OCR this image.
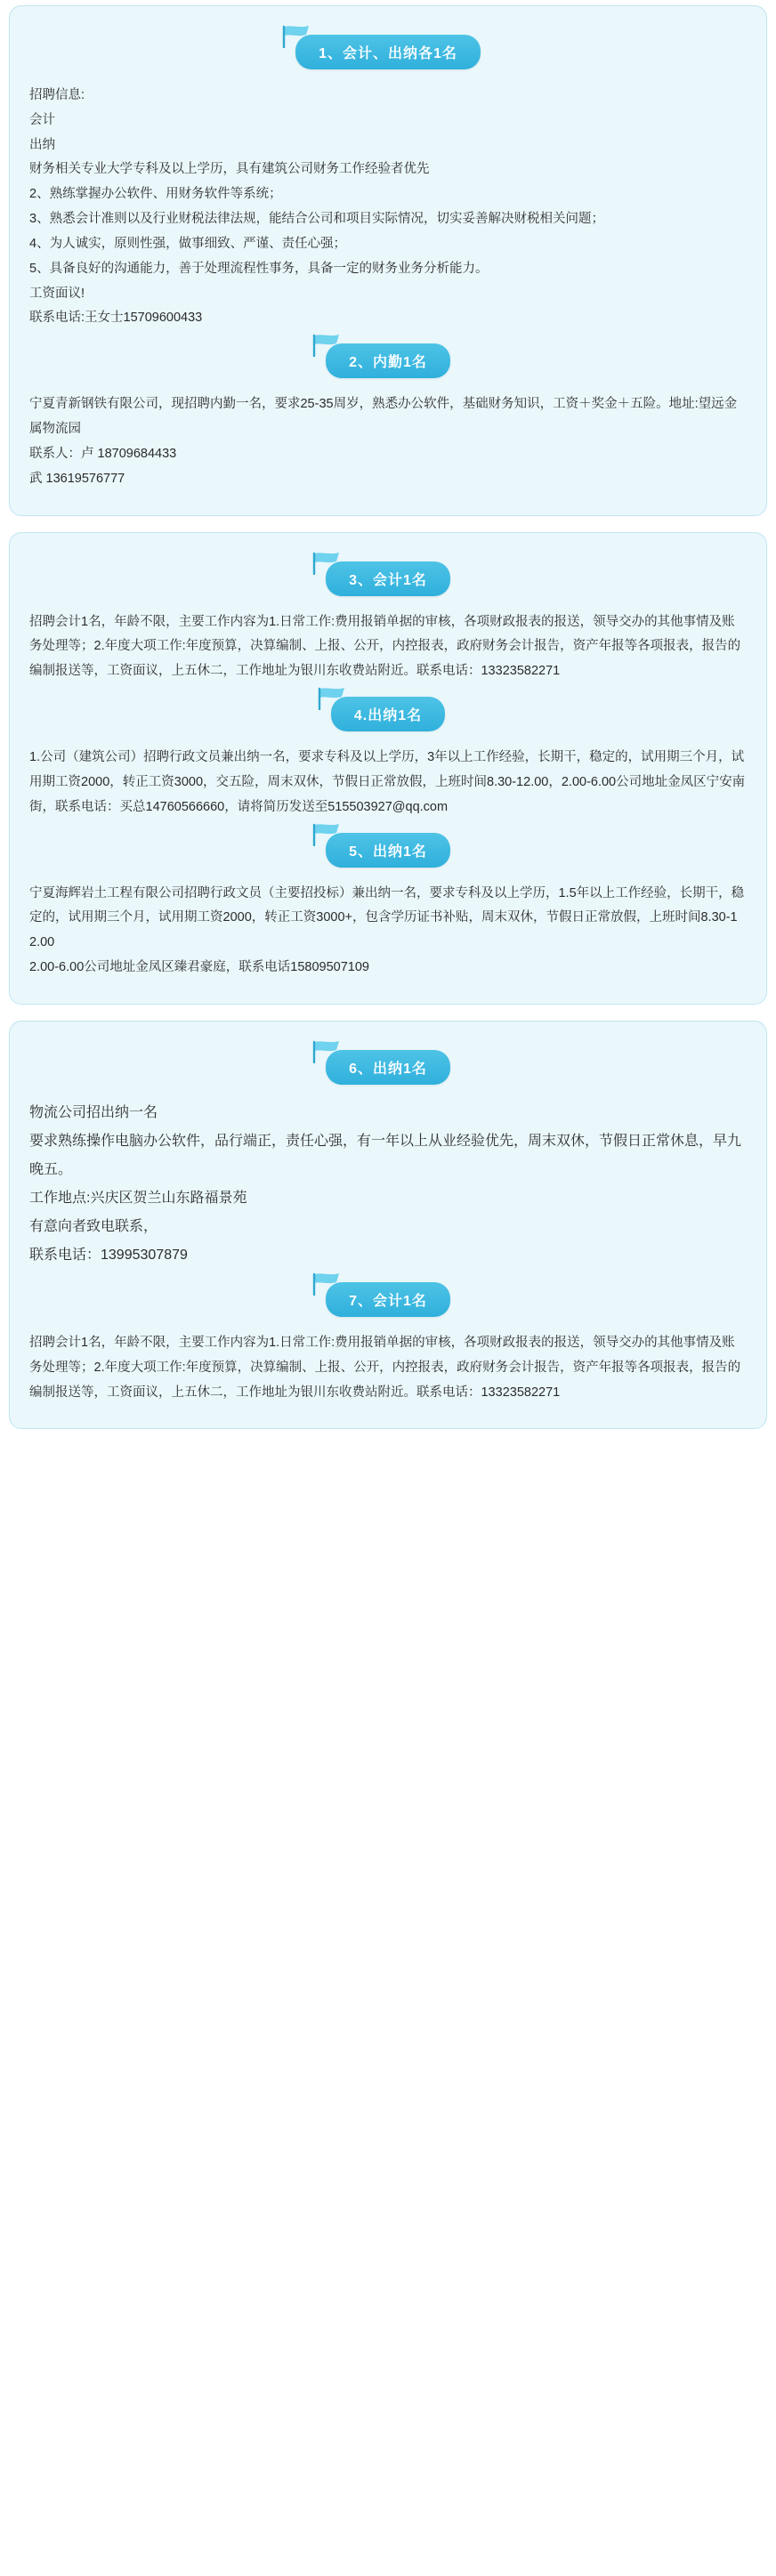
1、会计、出纳各1名

招聘信息:

会计

出纳

财务相关专业大学专科及以上学历，具有建筑公司财务工作经验者优先

2、熟练掌握办公软件、用财务软件等系统；

3、熟悉会计准则以及行业财税法律法规，能结合公司和项目实际情况，切实妥善解决财税相关问题；

4、为人诚实，原则性强，做事细致、严谨、责任心强；

5、具备良好的沟通能力，善于处理流程性事务，具备一定的财务业务分析能力。

工资面议!

联系电话:王女士15709600433

2、内勤1名

宁夏青新钢铁有限公司，现招聘内勤一名，要求25-35周岁，熟悉办公软件，基础财务知识，工资＋奖金＋五险。地址:望远金属物流园

联系人：卢 18709684433

武 13619576777

3、会计1名

招聘会计1名，年龄不限，主要工作内容为1.日常工作:费用报销单据的审核，各项财政报表的报送，领导交办的其他事情及账务处理等；2.年度大项工作:年度预算，决算编制、上报、公开，内控报表，政府财务会计报告，资产年报等各项报表，报告的编制报送等，工资面议，上五休二，工作地址为银川东收费站附近。联系电话：13323582271

4.出纳1名

1.公司（建筑公司）招聘行政文员兼出纳一名，要求专科及以上学历，3年以上工作经验，长期干，稳定的，试用期三个月，试用期工资2000，转正工资3000，交五险，周末双休，节假日正常放假，上班时间8.30-12.00，2.00-6.00公司地址金凤区宁安南街，联系电话：买总14760566660，请将简历发送至515503927@qq.com

5、出纳1名

宁夏海辉岩土工程有限公司招聘行政文员（主要招投标）兼出纳一名，要求专科及以上学历，1.5年以上工作经验，长期干，稳定的，试用期三个月，试用期工资2000，转正工资3000+，包含学历证书补贴，周末双休，节假日正常放假，上班时间8.30-12.00

2.00-6.00公司地址金凤区臻君豪庭，联系电话15809507109

6、出纳1名

物流公司招出纳一名

要求熟练操作电脑办公软件，品行端正，责任心强，有一年以上从业经验优先，周末双休，节假日正常休息，早九晚五。

工作地点:兴庆区贺兰山东路福景苑

有意向者致电联系，

联系电话：13995307879

7、会计1名

招聘会计1名，年龄不限，主要工作内容为1.日常工作:费用报销单据的审核，各项财政报表的报送，领导交办的其他事情及账务处理等；2.年度大项工作:年度预算，决算编制、上报、公开，内控报表，政府财务会计报告，资产年报等各项报表，报告的编制报送等，工资面议，上五休二，工作地址为银川东收费站附近。联系电话：13323582271
